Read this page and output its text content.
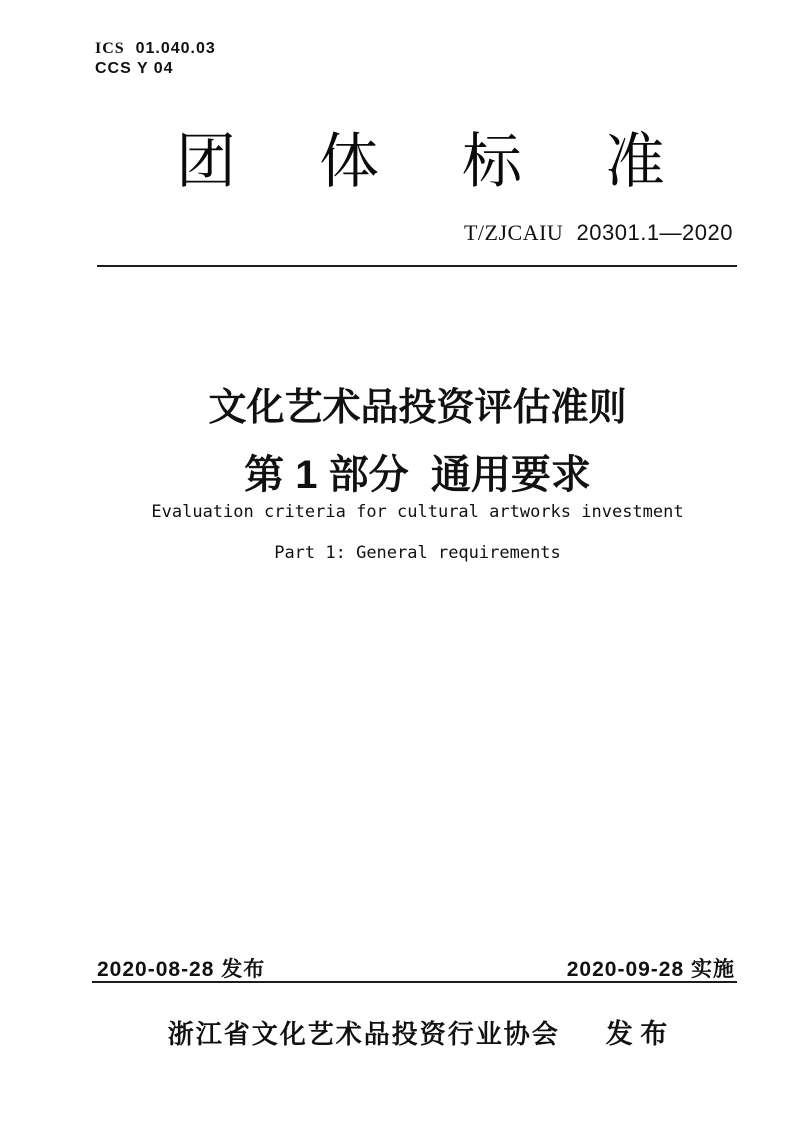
ICS 01.040.03
CCS Y 04
团 体 标 准
T/ZJCAIU 20301.1—2020
文化艺术品投资评估准则
第 1 部分  通用要求
Evaluation criteria for cultural artworks investment
Part 1: General requirements
2020-08-28 发布	2020-09-28 实施
浙江省文化艺术品投资行业协会 发 布
